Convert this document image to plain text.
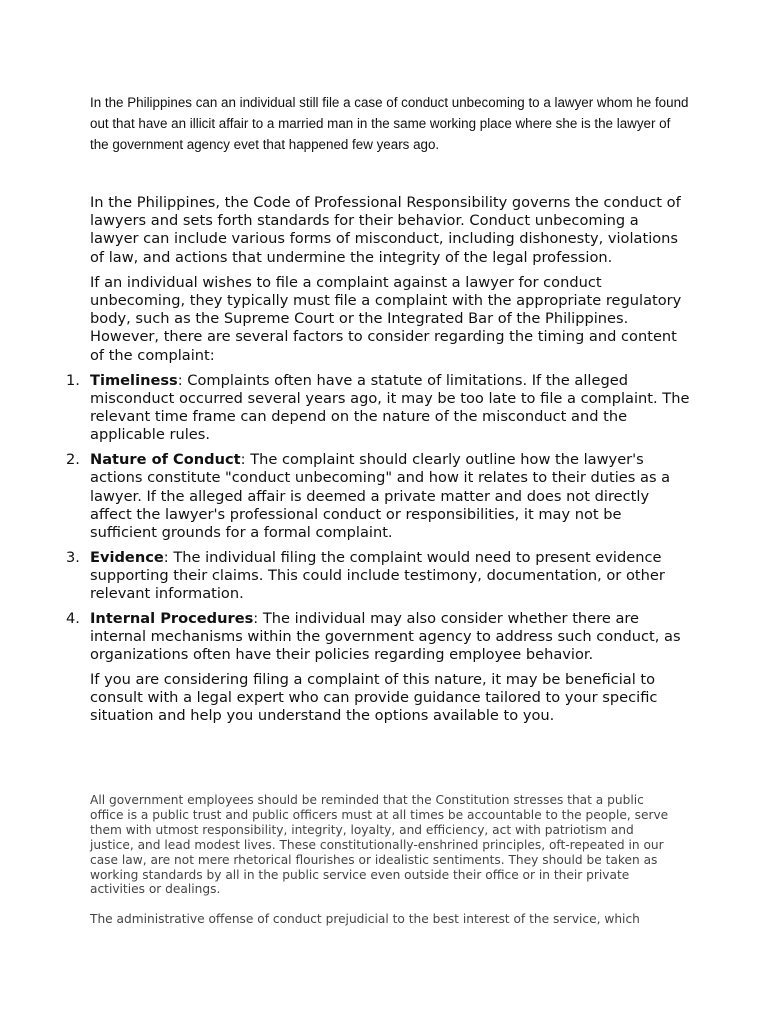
In the Philippines can an individual still file a case of conduct unbecoming to a lawyer whom he found out that have an illicit affair to a married man in the same working place where she is the lawyer of the government agency evet that happened few years ago.

In the Philippines, the Code of Professional Responsibility governs the conduct of lawyers and sets forth standards for their behavior. Conduct unbecoming a lawyer can include various forms of misconduct, including dishonesty, violations of law, and actions that undermine the integrity of the legal profession.

If an individual wishes to file a complaint against a lawyer for conduct unbecoming, they typically must file a complaint with the appropriate regulatory body, such as the Supreme Court or the Integrated Bar of the Philippines. However, there are several factors to consider regarding the timing and content of the complaint:

1. Timeliness: Complaints often have a statute of limitations. If the alleged misconduct occurred several years ago, it may be too late to file a complaint. The relevant time frame can depend on the nature of the misconduct and the applicable rules.
2. Nature of Conduct: The complaint should clearly outline how the lawyer's actions constitute "conduct unbecoming" and how it relates to their duties as a lawyer. If the alleged affair is deemed a private matter and does not directly affect the lawyer's professional conduct or responsibilities, it may not be sufficient grounds for a formal complaint.
3. Evidence: The individual filing the complaint would need to present evidence supporting their claims. This could include testimony, documentation, or other relevant information.
4. Internal Procedures: The individual may also consider whether there are internal mechanisms within the government agency to address such conduct, as organizations often have their policies regarding employee behavior.

If you are considering filing a complaint of this nature, it may be beneficial to consult with a legal expert who can provide guidance tailored to your specific situation and help you understand the options available to you.

All government employees should be reminded that the Constitution stresses that a public office is a public trust and public officers must at all times be accountable to the people, serve them with utmost responsibility, integrity, loyalty, and efficiency, act with patriotism and justice, and lead modest lives. These constitutionally-enshrined principles, oft-repeated in our case law, are not mere rhetorical flourishes or idealistic sentiments. They should be taken as working standards by all in the public service even outside their office or in their private activities or dealings.

The administrative offense of conduct prejudicial to the best interest of the service, which
